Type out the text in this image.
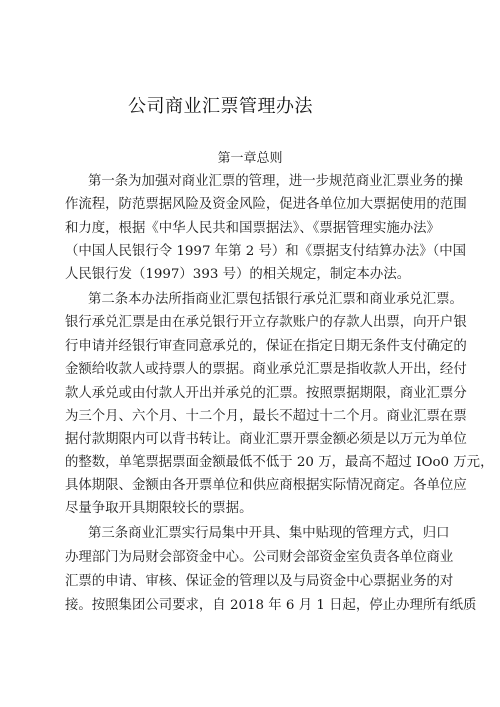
公司商业汇票管理办法
第一章总则

第一条为加强对商业汇票的管理，进一步规范商业汇票业务的操

作流程，防范票据风险及资金风险，促进各单位加大票据使用的范围

和力度，根据《中华人民共和国票据法》、《票据管理实施办法》

（中国人民银行令 1997 年第 2 号）和《票据支付结算办法》（中国

人民银行发（1997）393 号）的相关规定，制定本办法。

第二条本办法所指商业汇票包括银行承兑汇票和商业承兑汇票。

银行承兑汇票是由在承兑银行开立存款账户的存款人出票，向开户银

行申请并经银行审查同意承兑的，保证在指定日期无条件支付确定的

金额给收款人或持票人的票据。商业承兑汇票是指收款人开出，经付

款人承兑或由付款人开出并承兑的汇票。按照票据期限，商业汇票分

为三个月、六个月、十二个月，最长不超过十二个月。商业汇票在票

据付款期限内可以背书转让。商业汇票开票金额必须是以万元为单位

的整数，单笔票据票面金额最低不低于 20 万，最高不超过 IOo0 万元，

具体期限、金额由各开票单位和供应商根据实际情况商定。各单位应

尽量争取开具期限较长的票据。

第三条商业汇票实行局集中开具、集中贴现的管理方式，归口

办理部门为局财会部资金中心。公司财会部资金室负责各单位商业

汇票的申请、审核、保证金的管理以及与局资金中心票据业务的对

接。按照集团公司要求，自 2018 年 6 月 1 日起，停止办理所有纸质
